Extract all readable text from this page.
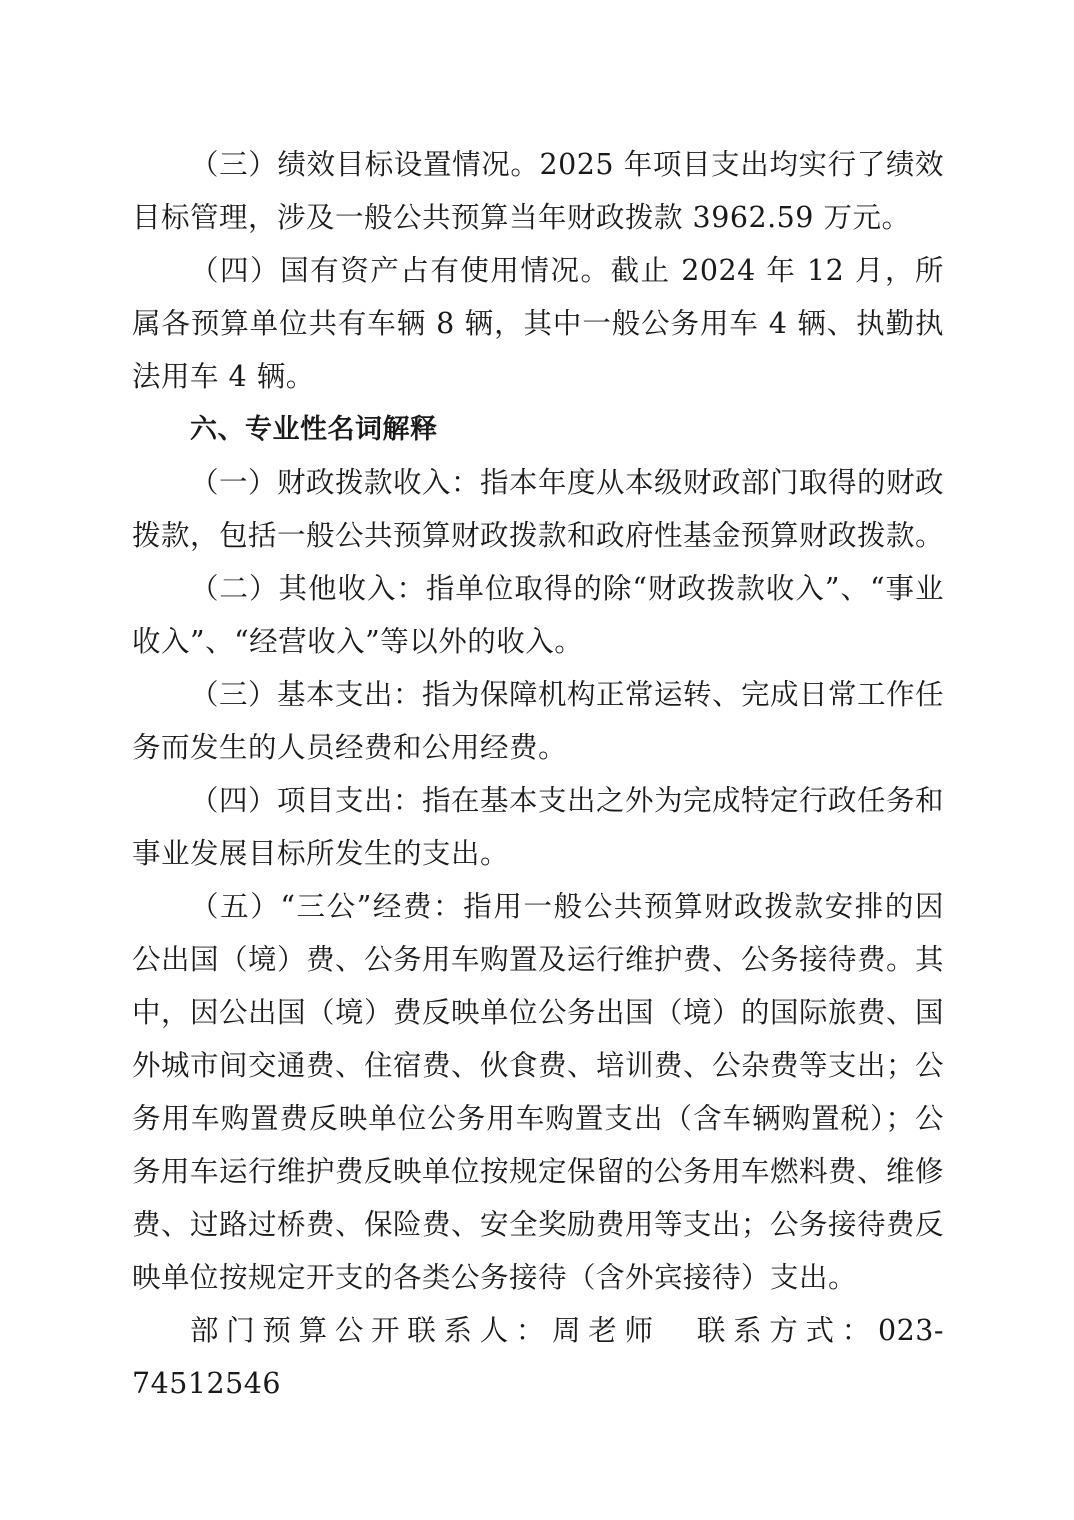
（三）绩效目标设置情况。2025 年项目支出均实行了绩效目标管理，涉及一般公共预算当年财政拨款 3962.59 万元。

（四）国有资产占有使用情况。截止 2024 年 12 月，所属各预算单位共有车辆 8 辆，其中一般公务用车 4 辆、执勤执法用车 4 辆。

六、专业性名词解释

（一）财政拨款收入：指本年度从本级财政部门取得的财政拨款，包括一般公共预算财政拨款和政府性基金预算财政拨款。

（二）其他收入：指单位取得的除“财政拨款收入”、“事业收入”、“经营收入”等以外的收入。

（三）基本支出：指为保障机构正常运转、完成日常工作任务而发生的人员经费和公用经费。

（四）项目支出：指在基本支出之外为完成特定行政任务和事业发展目标所发生的支出。

（五）“三公”经费：指用一般公共预算财政拨款安排的因公出国（境）费、公务用车购置及运行维护费、公务接待费。其中，因公出国（境）费反映单位公务出国（境）的国际旅费、国外城市间交通费、住宿费、伙食费、培训费、公杂费等支出；公务用车购置费反映单位公务用车购置支出（含车辆购置税）；公务用车运行维护费反映单位按规定保留的公务用车燃料费、维修费、过路过桥费、保险费、安全奖励费用等支出；公务接待费反映单位按规定开支的各类公务接待（含外宾接待）支出。

部门预算公开联系人：周老师　联系方式：023-74512546
